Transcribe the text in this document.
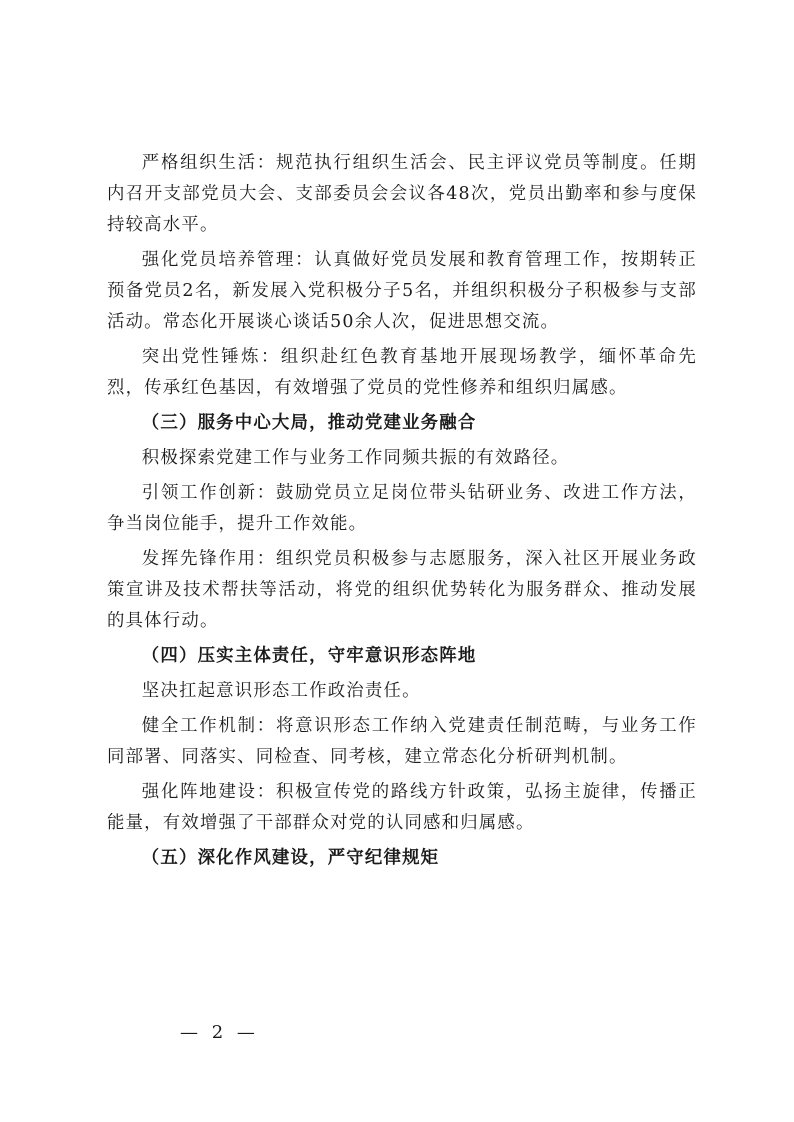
严格组织生活：规范执行组织生活会、民主评议党员等制度。任期内召开支部党员大会、支部委员会会议各48次，党员出勤率和参与度保持较高水平。

强化党员培养管理：认真做好党员发展和教育管理工作，按期转正预备党员2名，新发展入党积极分子5名，并组织积极分子积极参与支部活动。常态化开展谈心谈话50余人次，促进思想交流。

突出党性锤炼：组织赴红色教育基地开展现场教学，缅怀革命先烈，传承红色基因，有效增强了党员的党性修养和组织归属感。

（三）服务中心大局，推动党建业务融合

积极探索党建工作与业务工作同频共振的有效路径。

引领工作创新：鼓励党员立足岗位带头钻研业务、改进工作方法，争当岗位能手，提升工作效能。

发挥先锋作用：组织党员积极参与志愿服务，深入社区开展业务政策宣讲及技术帮扶等活动，将党的组织优势转化为服务群众、推动发展的具体行动。

（四）压实主体责任，守牢意识形态阵地

坚决扛起意识形态工作政治责任。

健全工作机制：将意识形态工作纳入党建责任制范畴，与业务工作同部署、同落实、同检查、同考核，建立常态化分析研判机制。

强化阵地建设：积极宣传党的路线方针政策，弘扬主旋律，传播正能量，有效增强了干部群众对党的认同感和归属感。

（五）深化作风建设，严守纪律规矩

— 2 —
